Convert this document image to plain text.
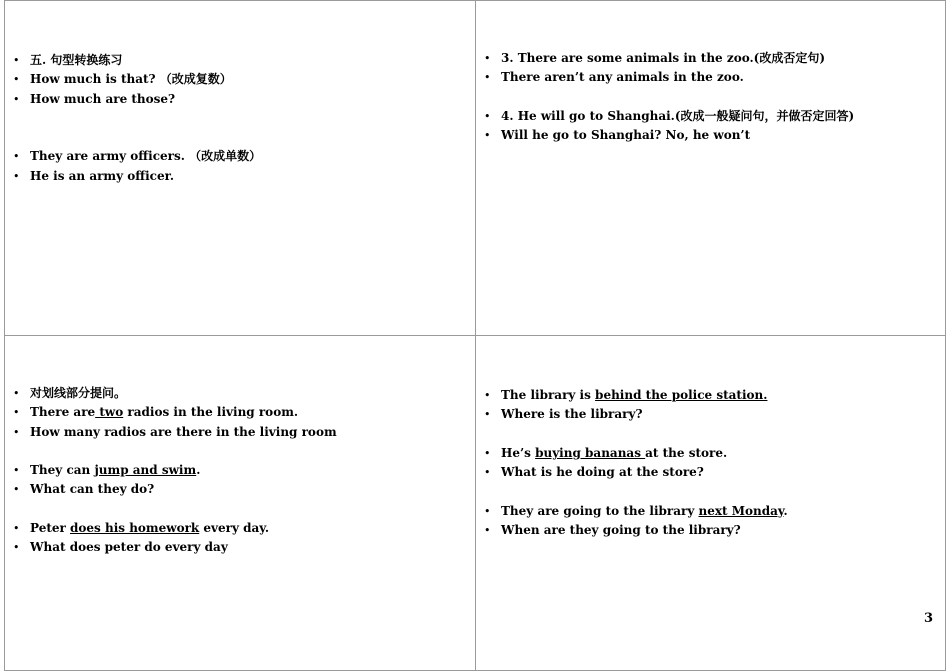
• 五. 句型转换练习
• How much is that? （改成复数）
• How much are those?
• They are army officers. （改成单数）
• He is an army officer.
• 3. There are some animals in the zoo.(改成否定句)
• There aren’t any animals in the zoo.
• 4. He will go to Shanghai.(改成一般疑问句，并做否定回答)
• Will he go to Shanghai? No, he won’t
• 对划线部分提问。
• There are two radios in the living room.
• How many radios are there in the living room
• They can jump and swim.
• What can they do?
• Peter does his homework every day.
• What does peter do every day
• The library is behind the police station.
• Where is the library?
• He’s buying bananas at the store.
• What is he doing at the store?
• They are going to the library next Monday.
• When are they going to the library?
3
